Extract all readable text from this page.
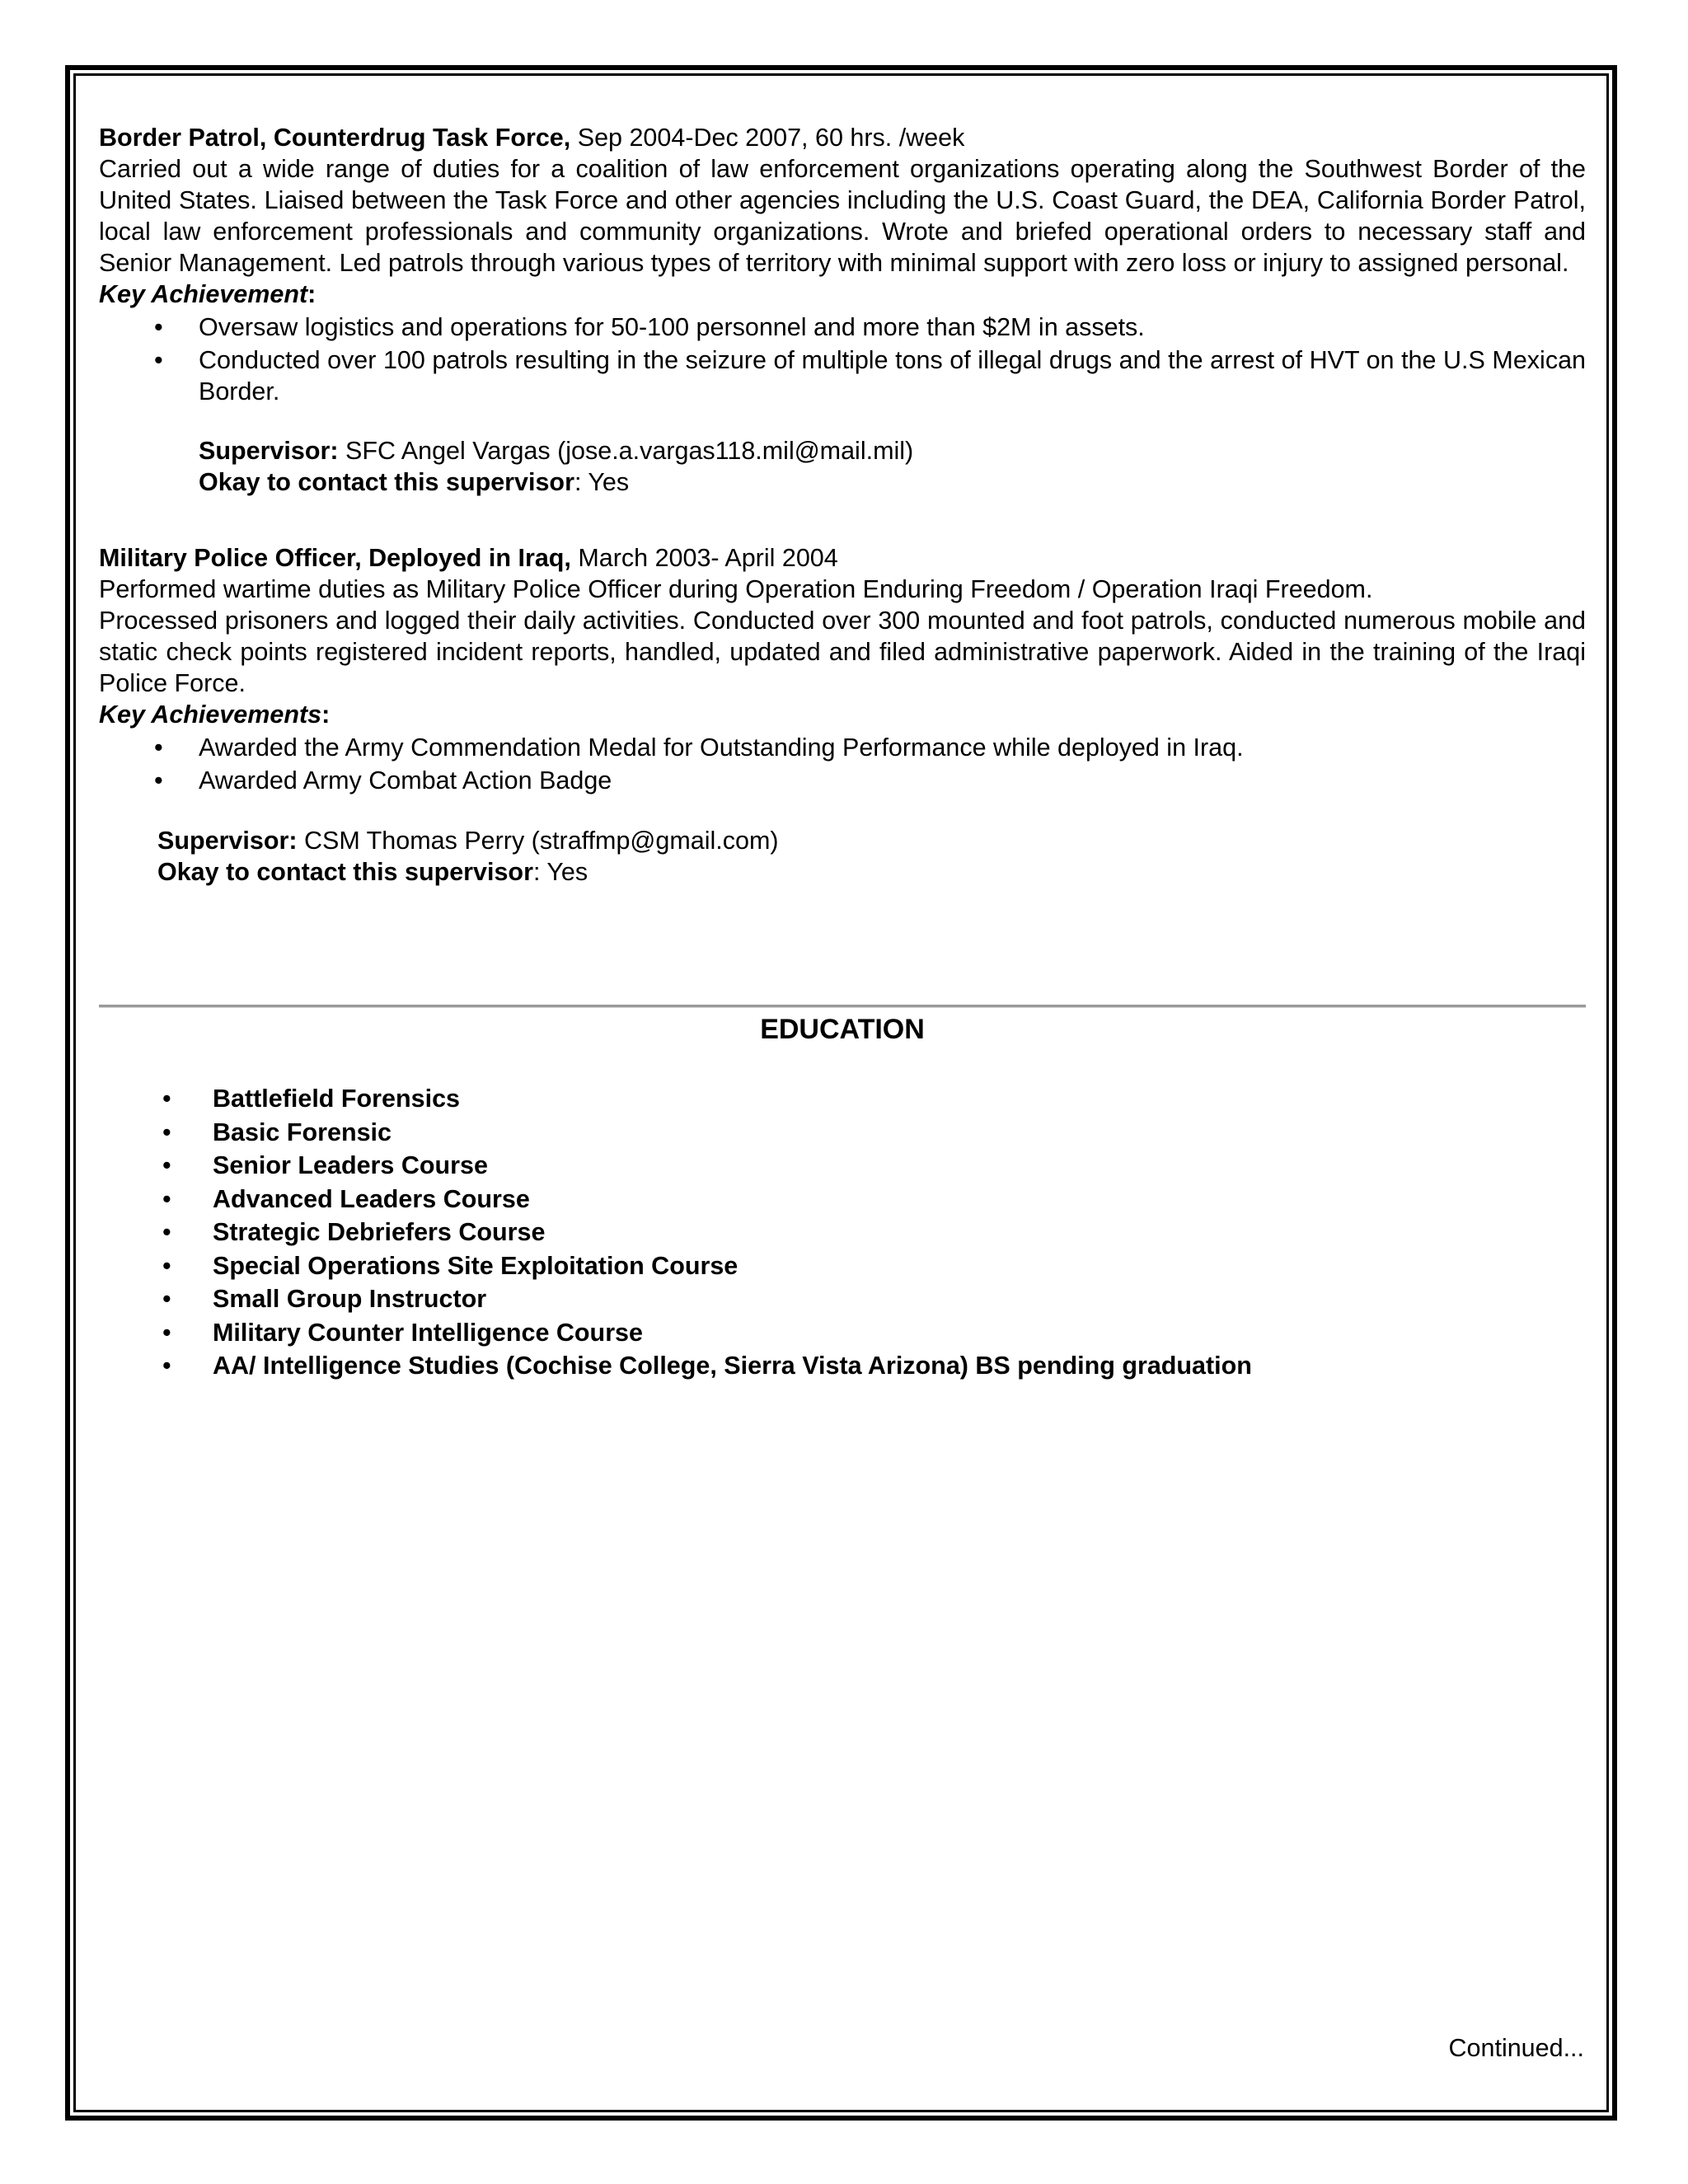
Border Patrol, Counterdrug Task Force, Sep 2004-Dec 2007, 60 hrs. /week

Carried out a wide range of duties for a coalition of law enforcement organizations operating along the Southwest Border of the United States. Liaised between the Task Force and other agencies including the U.S. Coast Guard, the DEA, California Border Patrol, local law enforcement professionals and community organizations. Wrote and briefed operational orders to necessary staff and Senior Management. Led patrols through various types of territory with minimal support with zero loss or injury to assigned personal.

Key Achievement:

• Oversaw logistics and operations for 50-100 personnel and more than $2M in assets.
• Conducted over 100 patrols resulting in the seizure of multiple tons of illegal drugs and the arrest of HVT on the U.S Mexican Border.

Supervisor: SFC Angel Vargas (jose.a.vargas118.mil@mail.mil)

Okay to contact this supervisor: Yes

Military Police Officer, Deployed in Iraq, March 2003- April 2004

Performed wartime duties as Military Police Officer during Operation Enduring Freedom / Operation Iraqi Freedom.

Processed prisoners and logged their daily activities. Conducted over 300 mounted and foot patrols, conducted numerous mobile and static check points registered incident reports, handled, updated and filed administrative paperwork. Aided in the training of the Iraqi Police Force.

Key Achievements:

• Awarded the Army Commendation Medal for Outstanding Performance while deployed in Iraq.
• Awarded Army Combat Action Badge

Supervisor: CSM Thomas Perry (straffmp@gmail.com)

Okay to contact this supervisor: Yes

EDUCATION
• Battlefield Forensics
• Basic Forensic
• Senior Leaders Course
• Advanced Leaders Course
• Strategic Debriefers Course
• Special Operations Site Exploitation Course
• Small Group Instructor
• Military Counter Intelligence Course
• AA/ Intelligence Studies (Cochise College, Sierra Vista Arizona) BS pending graduation
Continued...
